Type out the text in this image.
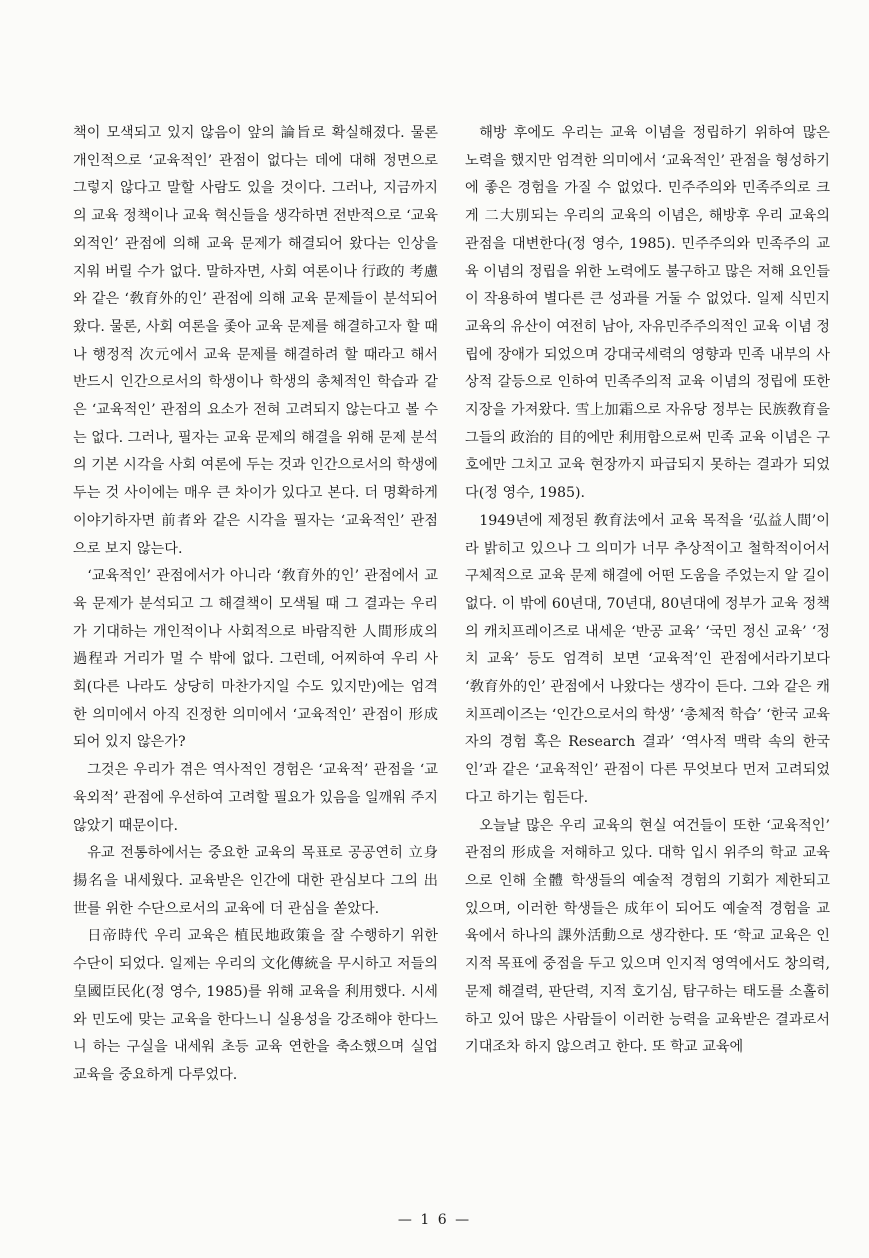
책이 모색되고 있지 않음이 앞의 論旨로 확실해졌다. 물론 개인적으로 ‘교육적인’ 관점이 없다는 데에 대해 정면으로 그렇지 않다고 말할 사람도 있을 것이다. 그러나, 지금까지의 교육 정책이나 교육 혁신들을 생각하면 전반적으로 ‘교육외적인’ 관점에 의해 교육 문제가 해결되어 왔다는 인상을 지워 버릴 수가 없다. 말하자면, 사회 여론이나 行政的 考慮와 같은 ‘敎育外的인’ 관점에 의해 교육 문제들이 분석되어 왔다. 물론, 사회 여론을 좇아 교육 문제를 해결하고자 할 때나 행정적 次元에서 교육 문제를 해결하려 할 때라고 해서 반드시 인간으로서의 학생이나 학생의 총체적인 학습과 같은 ‘교육적인’ 관점의 요소가 전혀 고려되지 않는다고 볼 수는 없다. 그러나, 필자는 교육 문제의 해결을 위해 문제 분석의 기본 시각을 사회 여론에 두는 것과 인간으로서의 학생에 두는 것 사이에는 매우 큰 차이가 있다고 본다. 더 명확하게 이야기하자면 前者와 같은 시각을 필자는 ‘교육적인’ 관점으로 보지 않는다.

‘교육적인’ 관점에서가 아니라 ‘敎育外的인’ 관점에서 교육 문제가 분석되고 그 해결책이 모색될 때 그 결과는 우리가 기대하는 개인적이나 사회적으로 바람직한 人間形成의 過程과 거리가 멀 수 밖에 없다. 그런데, 어찌하여 우리 사회(다른 나라도 상당히 마찬가지일 수도 있지만)에는 엄격한 의미에서 아직 진정한 의미에서 ‘교육적인’ 관점이 形成되어 있지 않은가?

그것은 우리가 겪은 역사적인 경험은 ‘교육적’ 관점을 ‘교육외적’ 관점에 우선하여 고려할 필요가 있음을 일깨워 주지 않았기 때문이다.

유교 전통하에서는 중요한 교육의 목표로 공공연히 立身揚名을 내세웠다. 교육받은 인간에 대한 관심보다 그의 出世를 위한 수단으로서의 교육에 더 관심을 쏟았다.

日帝時代 우리 교육은 植民地政策을 잘 수행하기 위한 수단이 되었다. 일제는 우리의 文化傳統을 무시하고 저들의 皇國臣民化(정 영수, 1985)를 위해 교육을 利用했다. 시세와 민도에 맞는 교육을 한다느니 실용성을 강조해야 한다느니 하는 구실을 내세워 초등 교육 연한을 축소했으며 실업 교육을 중요하게 다루었다.

해방 후에도 우리는 교육 이념을 정립하기 위하여 많은 노력을 했지만 엄격한 의미에서 ‘교육적인’ 관점을 형성하기에 좋은 경험을 가질 수 없었다. 민주주의와 민족주의로 크게 二大別되는 우리의 교육의 이념은, 해방후 우리 교육의 관점을 대변한다(정 영수, 1985). 민주주의와 민족주의 교육 이념의 정립을 위한 노력에도 불구하고 많은 저해 요인들이 작용하여 별다른 큰 성과를 거둘 수 없었다. 일제 식민지 교육의 유산이 여전히 남아, 자유민주주의적인 교육 이념 정립에 장애가 되었으며 강대국세력의 영향과 민족 내부의 사상적 갈등으로 인하여 민족주의적 교육 이념의 정립에 또한 지장을 가져왔다. 雪上加霜으로 자유당 정부는 民族敎育을 그들의 政治的 目的에만 利用함으로써 민족 교육 이념은 구호에만 그치고 교육 현장까지 파급되지 못하는 결과가 되었다(정 영수, 1985).

1949년에 제정된 敎育法에서 교육 목적을 ‘弘益人間’이라 밝히고 있으나 그 의미가 너무 추상적이고 철학적이어서 구체적으로 교육 문제 해결에 어떤 도움을 주었는지 알 길이 없다. 이 밖에 60년대, 70년대, 80년대에 정부가 교육 정책의 캐치프레이즈로 내세운 ‘반공 교육’ ‘국민 정신 교육’ ‘정치 교육’ 등도 엄격히 보면 ‘교육적’인 관점에서라기보다 ‘敎育外的인’ 관점에서 나왔다는 생각이 든다. 그와 같은 캐치프레이즈는 ‘인간으로서의 학생’ ‘총체적 학습’ ‘한국 교육자의 경험 혹은 Research 결과’ ‘역사적 맥락 속의 한국인’과 같은 ‘교육적인’ 관점이 다른 무엇보다 먼저 고려되었다고 하기는 힘든다.

오늘날 많은 우리 교육의 현실 여건들이 또한 ‘교육적인’ 관점의 形成을 저해하고 있다. 대학 입시 위주의 학교 교육으로 인해 全體 학생들의 예술적 경험의 기회가 제한되고 있으며, 이러한 학생들은 成年이 되어도 예술적 경험을 교육에서 하나의 課外活動으로 생각한다. 또 ‘학교 교육은 인지적 목표에 중점을 두고 있으며 인지적 영역에서도 창의력, 문제 해결력, 판단력, 지적 호기심, 탐구하는 태도를 소홀히 하고 있어 많은 사람들이 이러한 능력을 교육받은 결과로서 기대조차 하지 않으려고 한다. 또 학교 교육에

— 1 6 —
